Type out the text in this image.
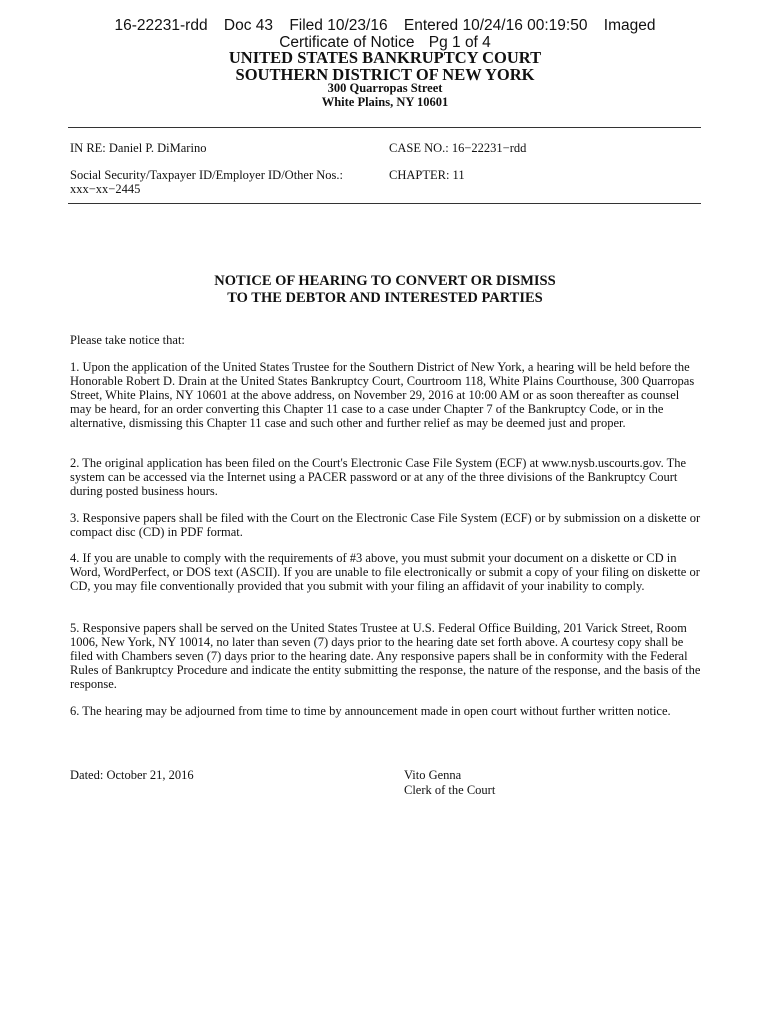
16-22231-rdd Doc 43 Filed 10/23/16 Entered 10/24/16 00:19:50 Imaged
Certificate of Notice Pg 1 of 4
UNITED STATES BANKRUPTCY COURT
SOUTHERN DISTRICT OF NEW YORK
300 Quarropas Street
White Plains, NY 10601
IN RE: Daniel P. DiMarino	CASE NO.: 16−22231−rdd
Social Security/Taxpayer ID/Employer ID/Other Nos.:
xxx−xx−2445
CHAPTER: 11
NOTICE OF HEARING TO CONVERT OR DISMISS
TO THE DEBTOR AND INTERESTED PARTIES
Please take notice that:
1. Upon the application of the United States Trustee for the Southern District of New York, a hearing will be held before the Honorable Robert D. Drain at the United States Bankruptcy Court, Courtroom 118, White Plains Courthouse, 300 Quarropas Street, White Plains, NY 10601 at the above address, on November 29, 2016 at 10:00 AM or as soon thereafter as counsel may be heard, for an order converting this Chapter 11 case to a case under Chapter 7 of the Bankruptcy Code, or in the alternative, dismissing this Chapter 11 case and such other and further relief as may be deemed just and proper.
2. The original application has been filed on the Court's Electronic Case File System (ECF) at www.nysb.uscourts.gov. The system can be accessed via the Internet using a PACER password or at any of the three divisions of the Bankruptcy Court during posted business hours.
3. Responsive papers shall be filed with the Court on the Electronic Case File System (ECF) or by submission on a diskette or compact disc (CD) in PDF format.
4. If you are unable to comply with the requirements of #3 above, you must submit your document on a diskette or CD in Word, WordPerfect, or DOS text (ASCII). If you are unable to file electronically or submit a copy of your filing on diskette or CD, you may file conventionally provided that you submit with your filing an affidavit of your inability to comply.
5. Responsive papers shall be served on the United States Trustee at U.S. Federal Office Building, 201 Varick Street, Room 1006, New York, NY 10014, no later than seven (7) days prior to the hearing date set forth above. A courtesy copy shall be filed with Chambers seven (7) days prior to the hearing date. Any responsive papers shall be in conformity with the Federal Rules of Bankruptcy Procedure and indicate the entity submitting the response, the nature of the response, and the basis of the response.
6. The hearing may be adjourned from time to time by announcement made in open court without further written notice.
Dated: October 21, 2016	Vito Genna
Clerk of the Court
